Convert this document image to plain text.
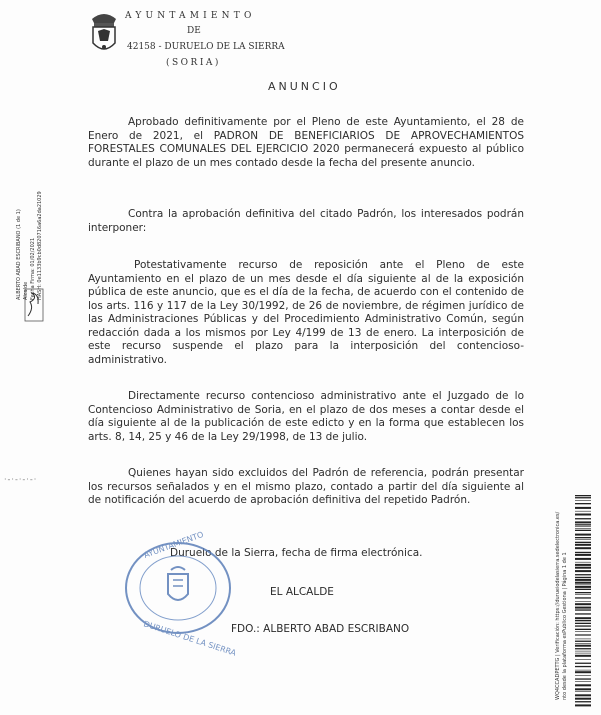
AYUNTAMIENTO
DE
42158 - DURUELO DE LA SIERRA
(SORIA)
ANUNCIO
Aprobado definitivamente por el Pleno de este Ayuntamiento, el 28 de Enero de 2021, el PADRON DE BENEFICIARIOS DE APROVECHAMIENTOS FORESTALES COMUNALES DEL EJERCICIO 2020 permanecerá expuesto al público durante el plazo de un mes contado desde la fecha del presente anuncio.
Contra la aprobación definitiva del citado Padrón, los interesados podrán interponer:
Potestativamente recurso de reposición ante el Pleno de este Ayuntamiento en el plazo de un mes desde el día siguiente al de la exposición pública de este anuncio, que es el día de la fecha, de acuerdo con el contenido de los arts. 116 y 117 de la Ley 30/1992, de 26 de noviembre, de régimen jurídico de las Administraciones Públicas y del Procedimiento Administrativo Común, según redacción dada a los mismos por Ley 4/199 de 13 de enero. La interposición de este recurso suspende el plazo para la interposición del contencioso-administrativo.
Directamente recurso contencioso administrativo ante el Juzgado de lo Contencioso Administrativo de Soria, en el plazo de dos meses a contar desde el día siguiente al de la publicación de este edicto y en la forma que establecen los arts. 8, 14, 25 y 46 de la Ley 29/1998, de 13 de julio.
Quienes hayan sido excluidos del Padrón de referencia, podrán presentar los recursos señalados y en el mismo plazo, contado a partir del día siguiente al de notificación del acuerdo de aprobación definitiva del repetido Padrón.
Duruelo de la Sierra, fecha de firma electrónica.
EL ALCALDE
FDO.: ALBERTO ABAD ESCRIBANO
AYUNTAMIENTO
DURUELO DE LA SIERRA
ALBERTO ABAD ESCRIBANO (1 de 1) Alcalde Fecha Firma: 01/02/2021 HASH: 0e1133b9cb0d820716a6a2da21029
·-·-·-·-·
WQ4CCADPETTG | Verificación: https://durueiodelasierra.sedelectronica.es/ nto desde la plataforma esPublico Gestiona | Página 1 de 1
